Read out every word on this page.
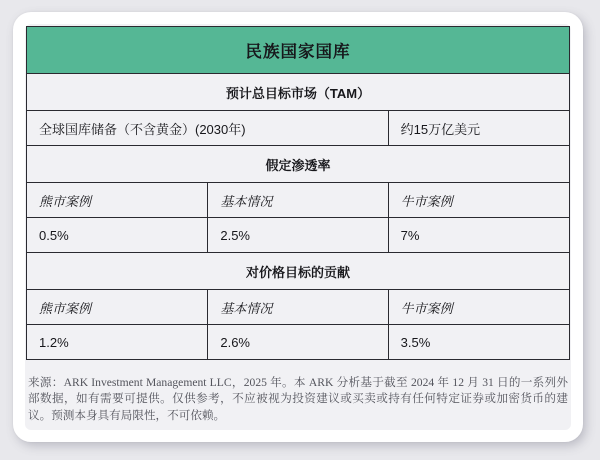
民族国家国库		
预计总目标市场（TAM）		
全球国库储备（不含黄金）(2030年)		约15万亿美元
假定渗透率		
熊市案例	基本情况	牛市案例
0.5%	2.5%	7%
对价格目标的贡献		
熊市案例	基本情况	牛市案例
1.2%	2.6%	3.5%
来源：ARK Investment Management LLC，2025 年。本 ARK 分析基于截至 2024 年 12 月 31 日的一系列外部数据，如有需要可提供。仅供参考，不应被视为投资建议或买卖或持有任何特定证券或加密货币的建议。预测本身具有局限性，不可依赖。
